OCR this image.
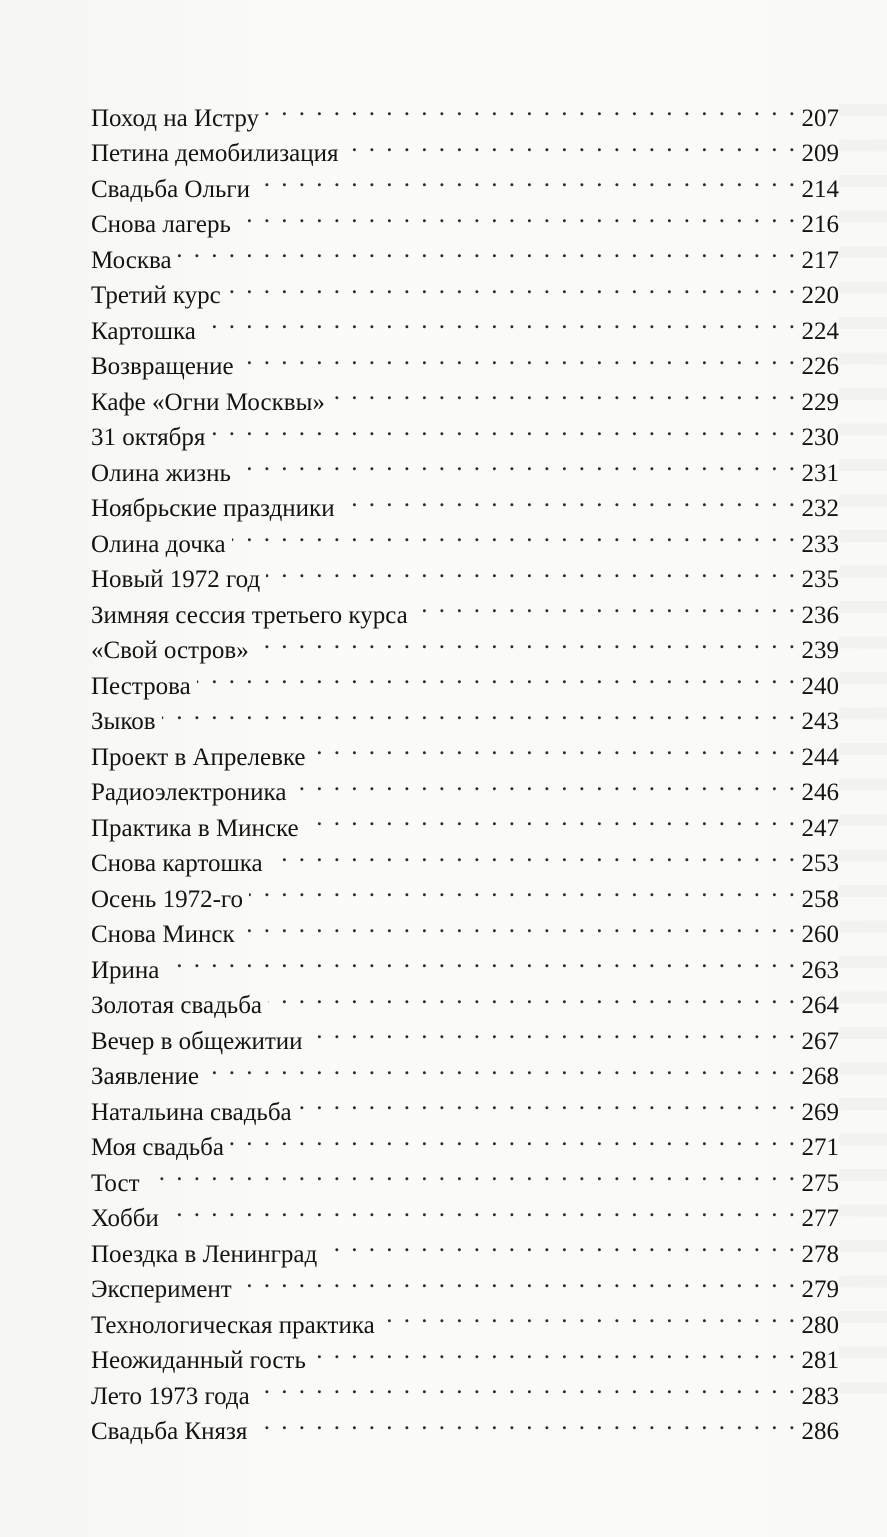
Поход на Истру . . .	207
Петина демобилизация . . .	209
Свадьба Ольги . . .	214
Снова лагерь . . .	216
Москва . . .	217
Третий курс . . .	220
Картошка . . .	224
Возвращение . . .	226
Кафе «Огни Москвы» . . .	229
31 октября . . .	230
Олина жизнь . . .	231
Ноябрьские праздники . . .	232
Олина дочка . . .	233
Новый 1972 год . . .	235
Зимняя сессия третьего курса . . .	236
«Свой остров» . . .	239
Пестрова . . .	240
Зыков . . .	243
Проект в Апрелевке . . .	244
Радиоэлектроника . . .	246
Практика в Минске . . .	247
Снова картошка . . .	253
Осень 1972-го . . .	258
Снова Минск . . .	260
Ирина . . .	263
Золотая свадьба . . .	264
Вечер в общежитии . . .	267
Заявление . . .	268
Натальина свадьба . . .	269
Моя свадьба . . .	271
Тост . . .	275
Хобби . . .	277
Поездка в Ленинград . . .	278
Эксперимент . . .	279
Технологическая практика . . .	280
Неожиданный гость . . .	281
Лето 1973 года . . .	283
Свадьба Князя . . .	286
